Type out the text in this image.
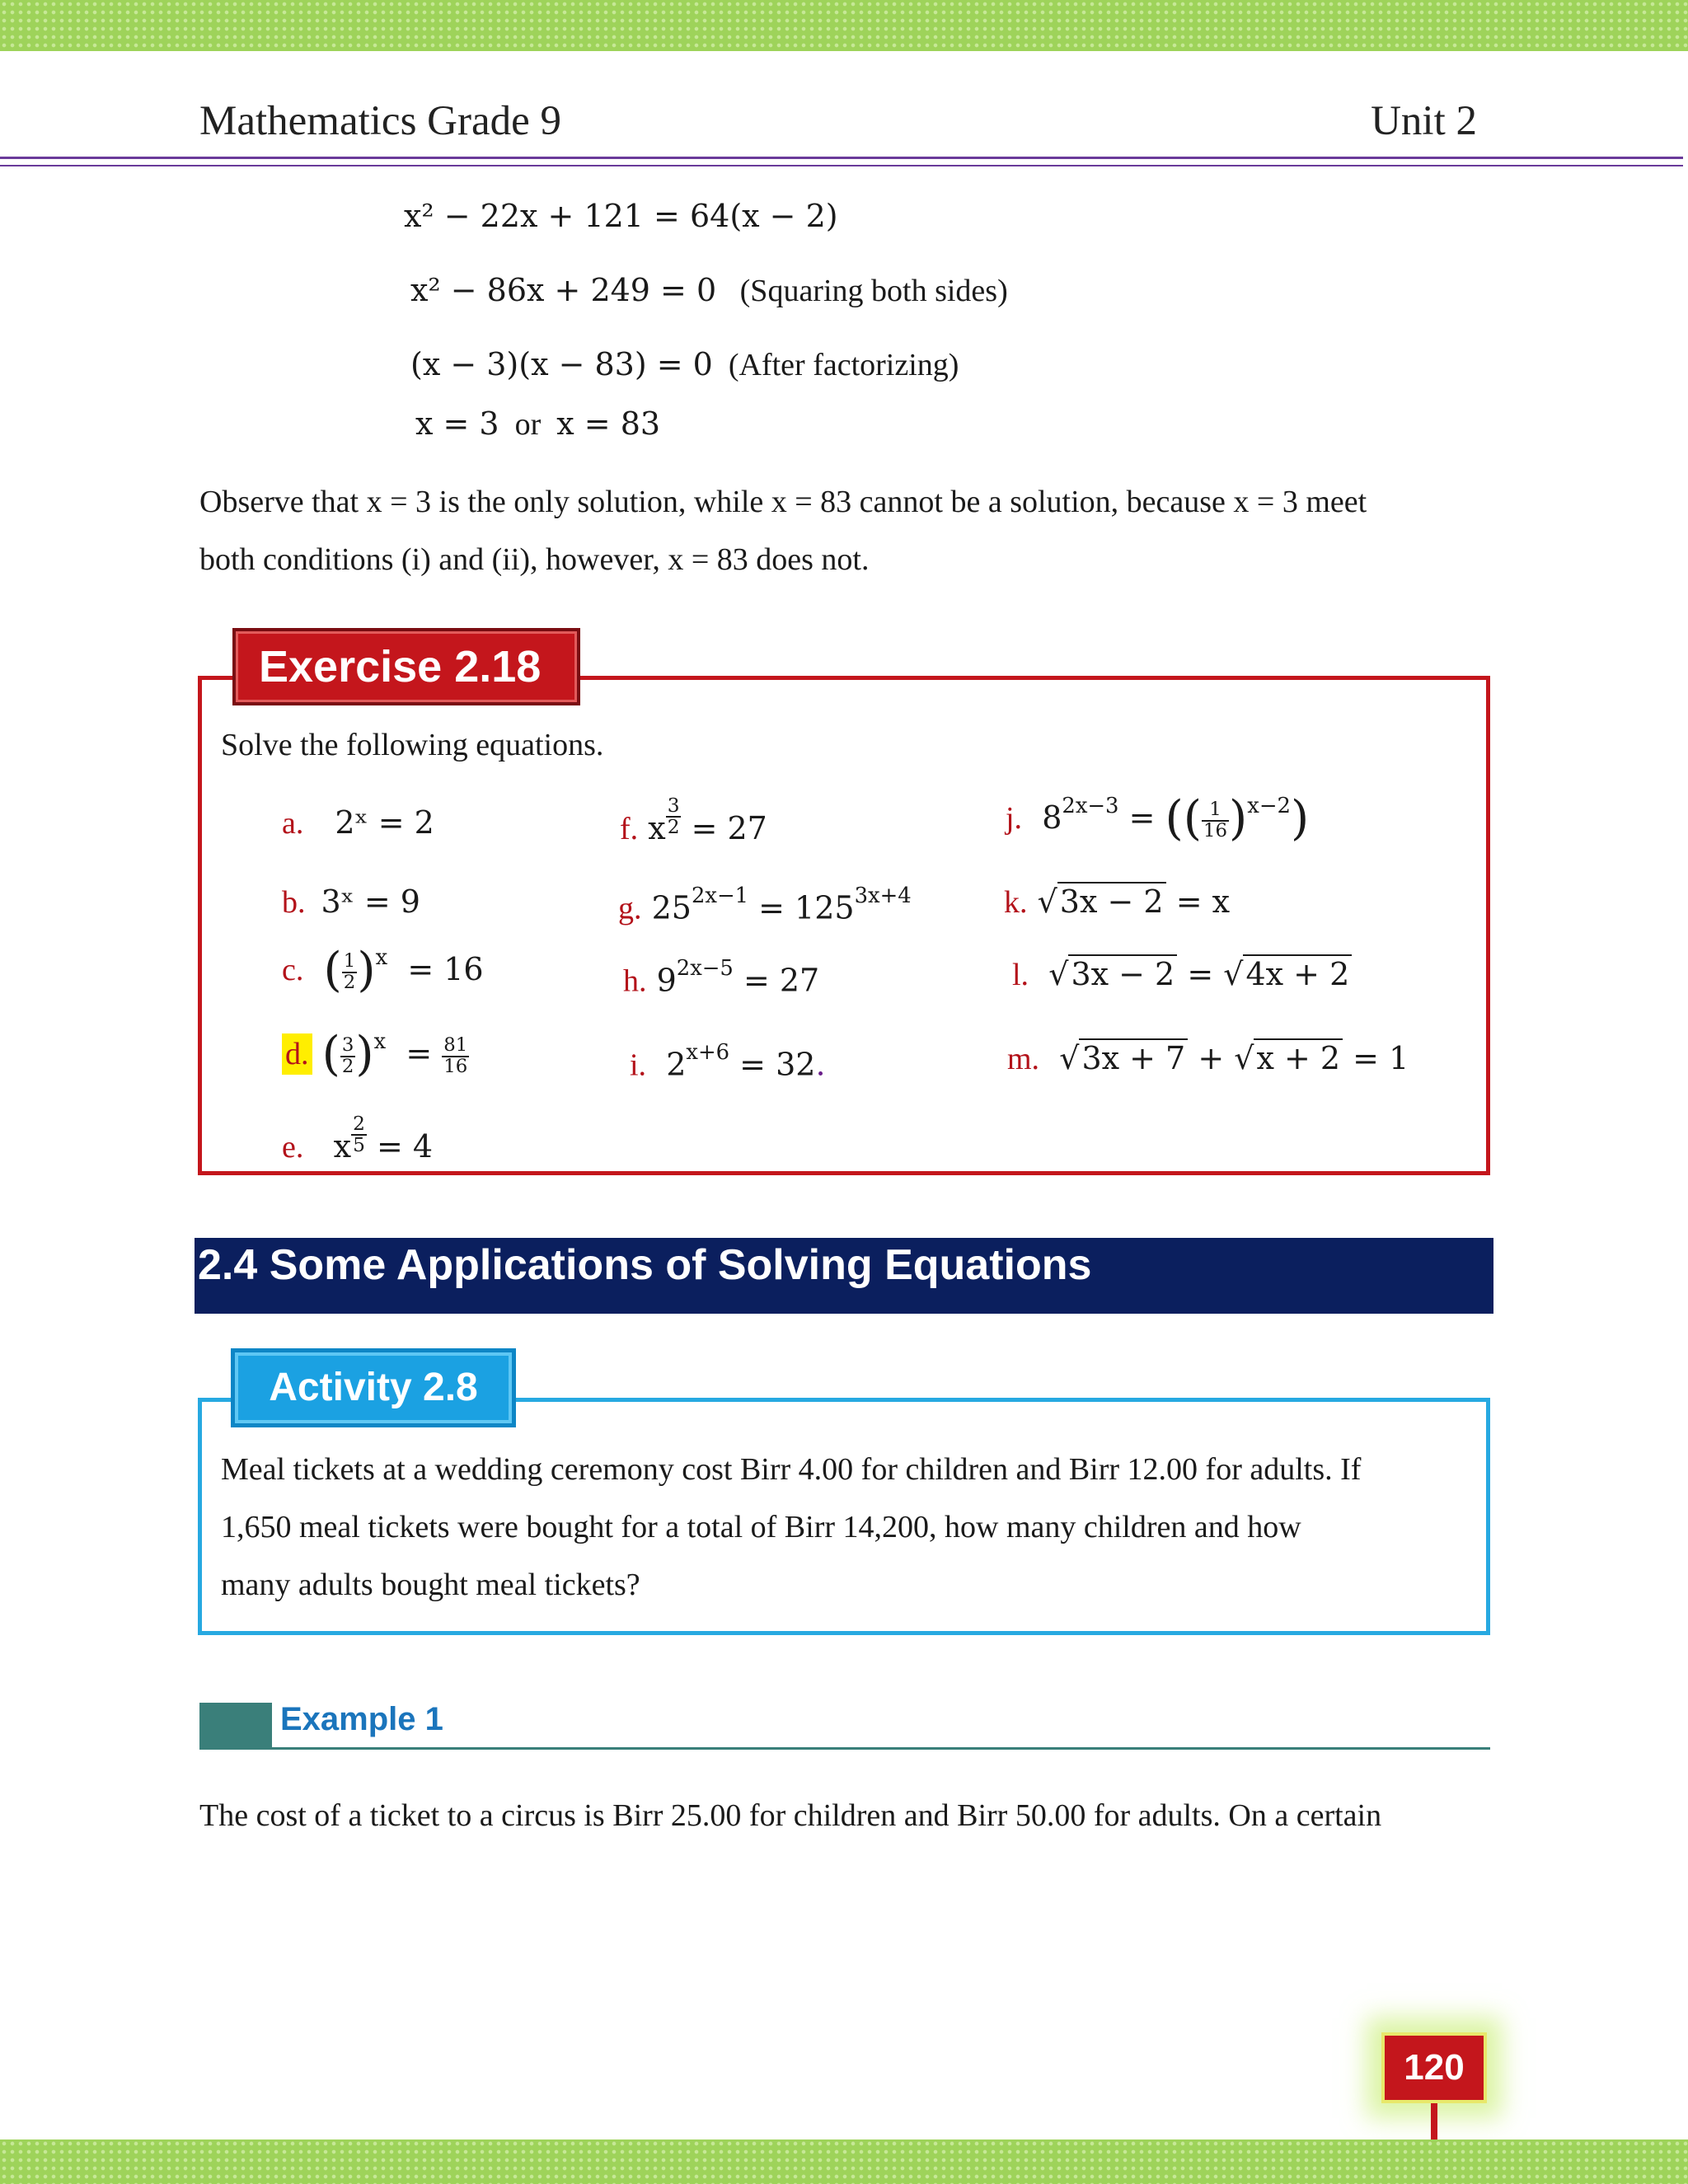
Mathematics Grade 9	Unit 2
x² − 22x + 121 = 64(x − 2)
x² − 86x + 249 = 0 (Squaring both sides)
(x − 3)(x − 83) = 0 (After factorizing)
x = 3 or x = 83
Observe that x = 3 is the only solution, while x = 83 cannot be a solution, because x = 3 meet
both conditions (i) and (ii), however, x = 83 does not.
Exercise 2.18
Solve the following equations.
a. 2ˣ = 2
b. 3ˣ = 9
c. ( $\frac{1}{2} )^x = 16$
d. ( $\frac{3}{2} )^x = \frac{81}{16}$
e. x $^{\frac{2}{5}}$ = 4
f. x $^{\frac{3}{2}}$ = 27
g. $25^{2x-1} = 125^{3x+4}$
h. $9^{2x-5} = 27$
i. $2^{x+6} = 32$.
j. $8^{2x-3}$ = (( $\frac{1}{16} )^{x-2}$)
k. √3x − 2 = x
l.  √3x − 2 = √4x + 2
m.  √3x + 7 + √x + 2 = 1
2.4 Some Applications of Solving Equations
Activity 2.8
Meal tickets at a wedding ceremony cost Birr 4.00 for children and Birr 12.00 for adults. If
1,650 meal tickets were bought for a total of Birr 14,200, how many children and how
many adults bought meal tickets?
Example 1
The cost of a ticket to a circus is Birr 25.00 for children and Birr 50.00 for adults. On a certain
120
